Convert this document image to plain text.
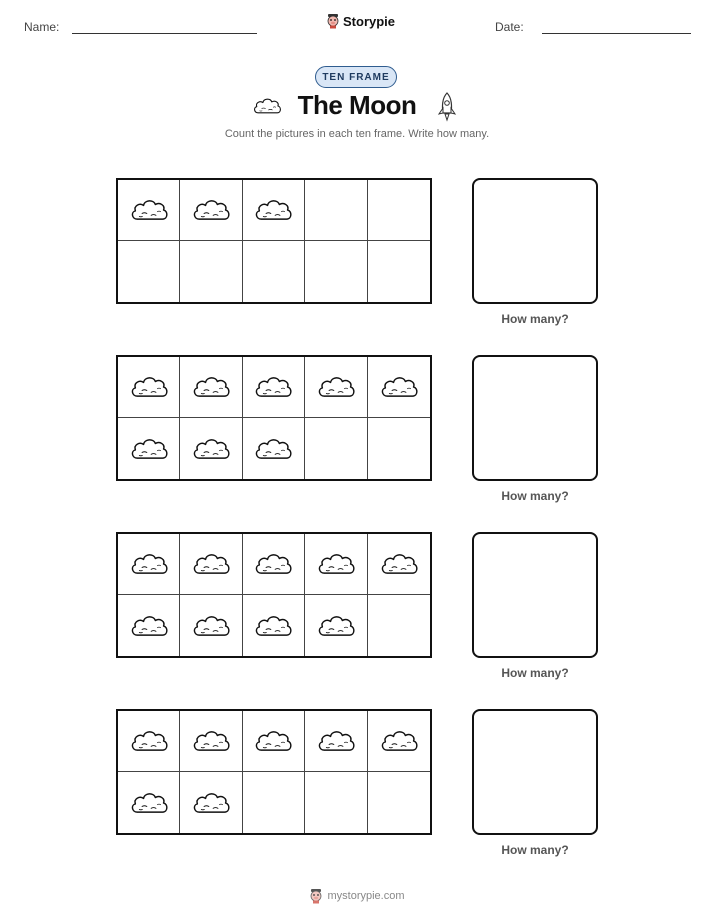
Name:	Storypie	Date:
TEN FRAME
The Moon
Count the pictures in each ten frame. Write how many.
How many?
How many?
How many?
How many?
mystorypie.com
